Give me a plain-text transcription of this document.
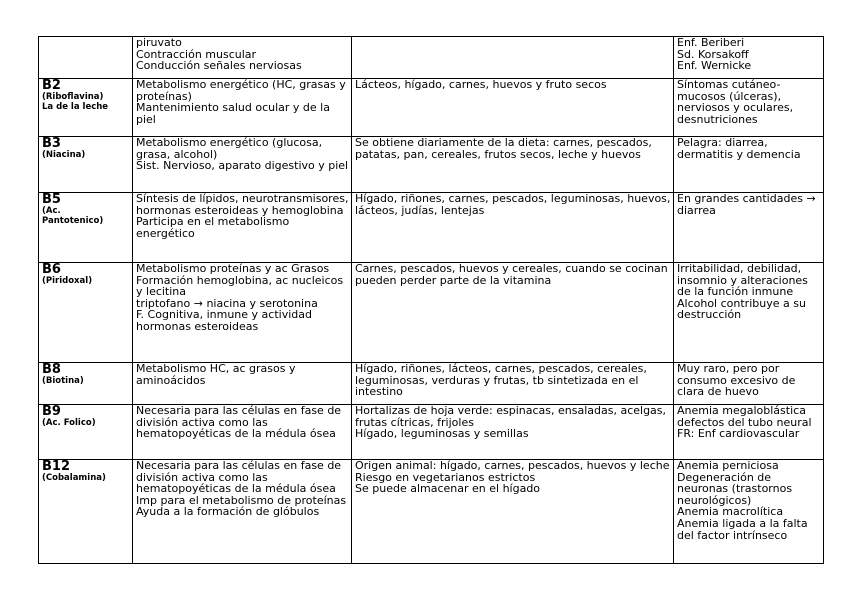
	piruvato
Contracción muscular
Conducción señales nerviosas		Enf. Beriberi
Sd. Korsakoff
Enf. Wernicke

B2
(Riboflavina)
La de la leche	Metabolismo energético (HC, grasas y proteínas)
Mantenimiento salud ocular y de la piel	Lácteos, hígado, carnes, huevos y fruto secos	Síntomas cutáneo-mucosos (úlceras), nerviosos y oculares, desnutriciones

B3
(Niacina)	Metabolismo energético (glucosa, grasa, alcohol)
Sist. Nervioso, aparato digestivo y piel	Se obtiene diariamente de la dieta: carnes, pescados, patatas, pan, cereales, frutos secos, leche y huevos	Pelagra: diarrea, dermatitis y demencia

B5
(Ac.
Pantotenico)	Síntesis de lípidos, neurotransmisores, hormonas esteroideas y hemoglobina
Participa en el metabolismo energético	Hígado, riñones, carnes, pescados, leguminosas, huevos, lácteos, judías, lentejas	En grandes cantidades → diarrea

B6
(Piridoxal)	Metabolismo proteínas y ac Grasos
Formación hemoglobina, ac nucleicos y lecitina
triptofano → niacina y serotonina
F. Cognitiva, inmune y actividad hormonas esteroideas	Carnes, pescados, huevos y cereales, cuando se cocinan pueden perder parte de la vitamina	Irritabilidad, debilidad, insomnio y alteraciones de la función inmune
Alcohol contribuye a su destrucción

B8
(Biotina)	Metabolismo HC, ac grasos y aminoácidos	Hígado, riñones, lácteos, carnes, pescados, cereales, leguminosas, verduras y frutas, tb sintetizada en el intestino	Muy raro, pero por consumo excesivo de clara de huevo

B9
(Ac. Folico)	Necesaria para las células en fase de división activa como las hematopoyéticas de la médula ósea	Hortalizas de hoja verde: espinacas, ensaladas, acelgas, frutas cítricas, frijoles
Hígado, leguminosas y semillas	Anemia megaloblástica defectos del tubo neural
FR: Enf cardiovascular

B12
(Cobalamina)	Necesaria para las células en fase de división activa como las hematopoyéticas de la médula ósea
Imp para el metabolismo de proteínas
Ayuda a la formación de glóbulos	Origen animal: hígado, carnes, pescados, huevos y leche
Riesgo en vegetarianos estrictos
Se puede almacenar en el hígado	Anemia perniciosa
Degeneración de neuronas (trastornos neurológicos)
Anemia macrolítica
Anemia ligada a la falta del factor intrínseco
